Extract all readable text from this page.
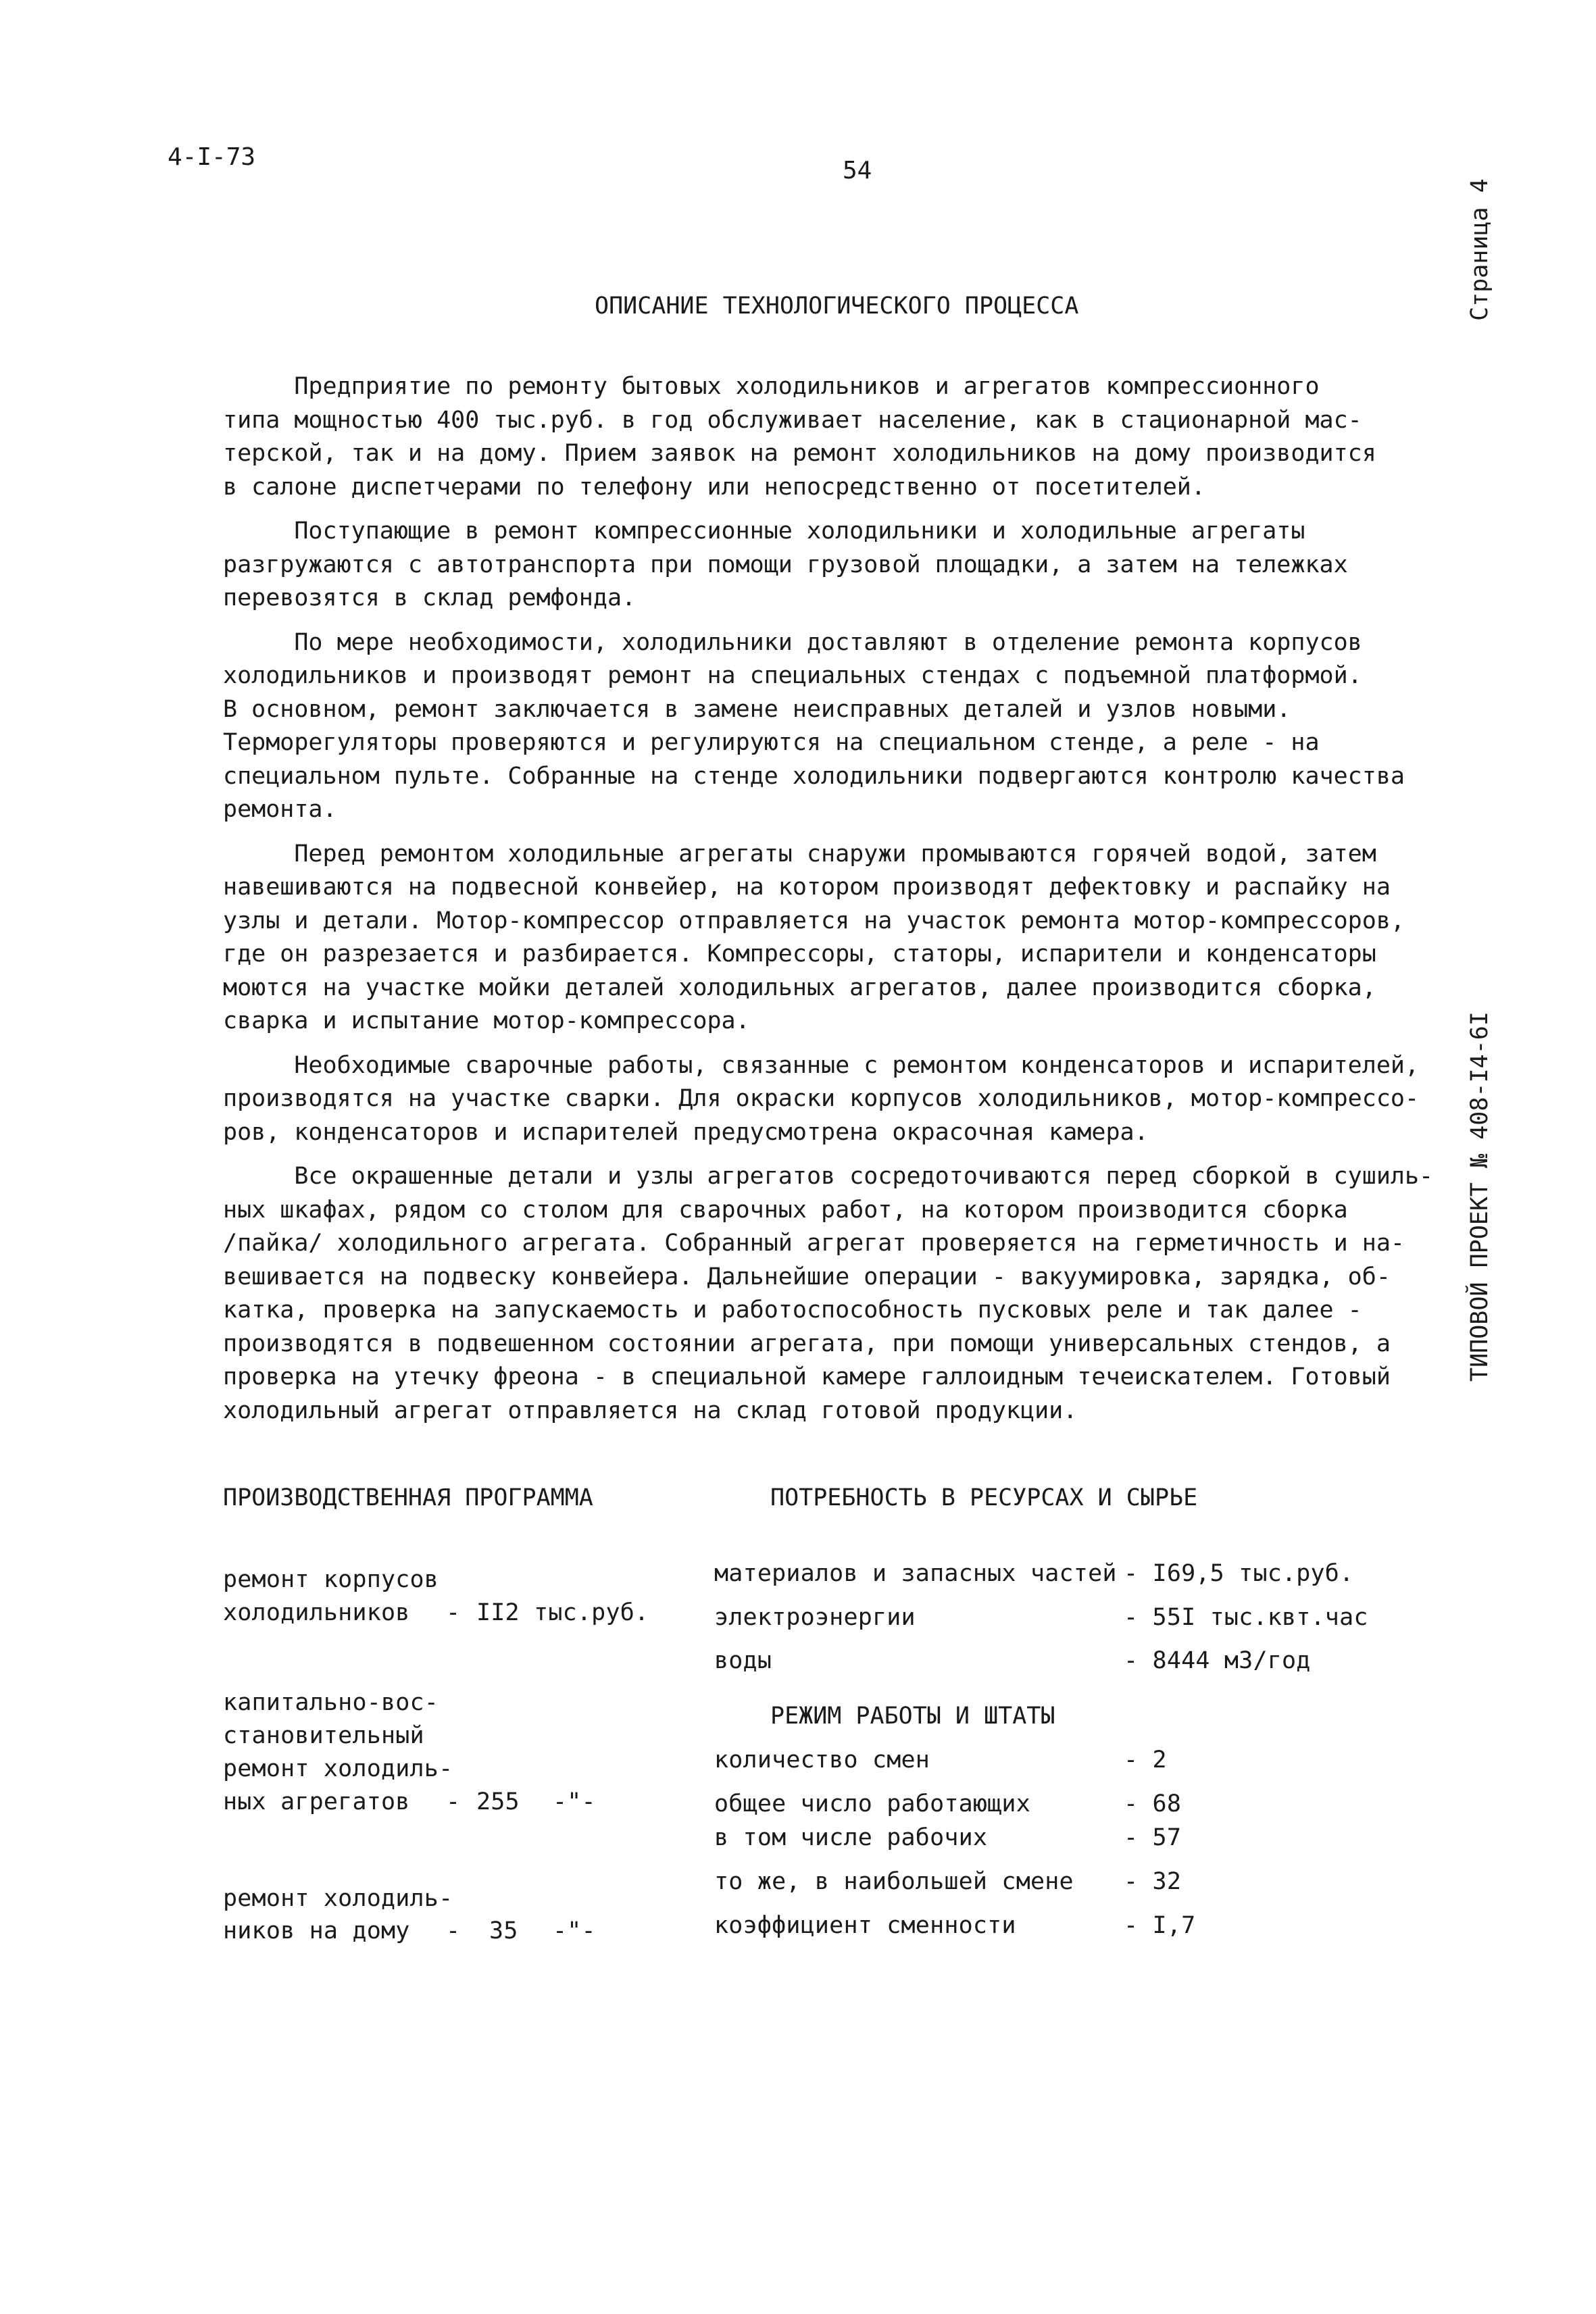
4-I-73	54
ОПИСАНИЕ ТЕХНОЛОГИЧЕСКОГО ПРОЦЕССА	Страница 4
ТИПОВОЙ ПРОЕКТ № 408-I4-6I
Предприятие по ремонту бытовых холодильников и агрегатов компрессионного
типа мощностью 400 тыс.руб. в год обслуживает население, как в стационарной мас-
терской, так и на дому. Прием заявок на ремонт холодильников на дому производится
в салоне диспетчерами по телефону или непосредственно от посетителей.
Поступающие в ремонт компрессионные холодильники и холодильные агрегаты
разгружаются с автотранспорта при помощи грузовой площадки, а затем на тележках
перевозятся в склад ремфонда.
По мере необходимости, холодильники доставляют в отделение ремонта корпусов
холодильников и производят ремонт на специальных стендах с подъемной платформой.
В основном, ремонт заключается в замене неисправных деталей и узлов новыми.
Терморегуляторы проверяются и регулируются на специальном стенде, а реле - на
специальном пульте. Собранные на стенде холодильники подвергаются контролю качества
ремонта.
Перед ремонтом холодильные агрегаты снаружи промываются горячей водой, затем
навешиваются на подвесной конвейер, на котором производят дефектовку и распайку на
узлы и детали. Мотор-компрессор отправляется на участок ремонта мотор-компрессоров,
где он разрезается и разбирается. Компрессоры, статоры, испарители и конденсаторы
моются на участке мойки деталей холодильных агрегатов, далее производится сборка,
сварка и испытание мотор-компрессора.
Необходимые сварочные работы, связанные с ремонтом конденсаторов и испарителей,
производятся на участке сварки. Для окраски корпусов холодильников, мотор-компрессо-
ров, конденсаторов и испарителей предусмотрена окрасочная камера.
Все окрашенные детали и узлы агрегатов сосредоточиваются перед сборкой в сушиль-
ных шкафах, рядом со столом для сварочных работ, на котором производится сборка
/пайка/ холодильного агрегата. Собранный агрегат проверяется на герметичность и на-
вешивается на подвеску конвейера. Дальнейшие операции - вакуумировка, зарядка, об-
катка, проверка на запускаемость и работоспособность пусковых реле и так далее -
производятся в подвешенном состоянии агрегата, при помощи универсальных стендов, а
проверка на утечку фреона - в специальной камере галлоидным течеискателем. Готовый
холодильный агрегат отправляется на склад готовой продукции.
ПРОИЗВОДСТВЕННАЯ ПРОГРАММА
ремонт корпусов
холодильников - II2 тыс.руб.
капитально-вос-
становительный
ремонт холодиль-
ных агрегатов - 255 -"-
ремонт холодиль-
ников на дому - 35 -"-
ПОТРЕБНОСТЬ В РЕСУРСАХ И СЫРЬЕ
материалов и запасных частей - I69,5 тыс.руб.
электроэнергии	- 55I тыс.квт.час
воды	- 8444 м3/год
РЕЖИМ РАБОТЫ И ШТАТЫ
количество смен	- 2
общее число работающих	- 68
в том числе рабочих	- 57
то же, в наибольшей смене - 32
коэффициент сменности	- I,7
